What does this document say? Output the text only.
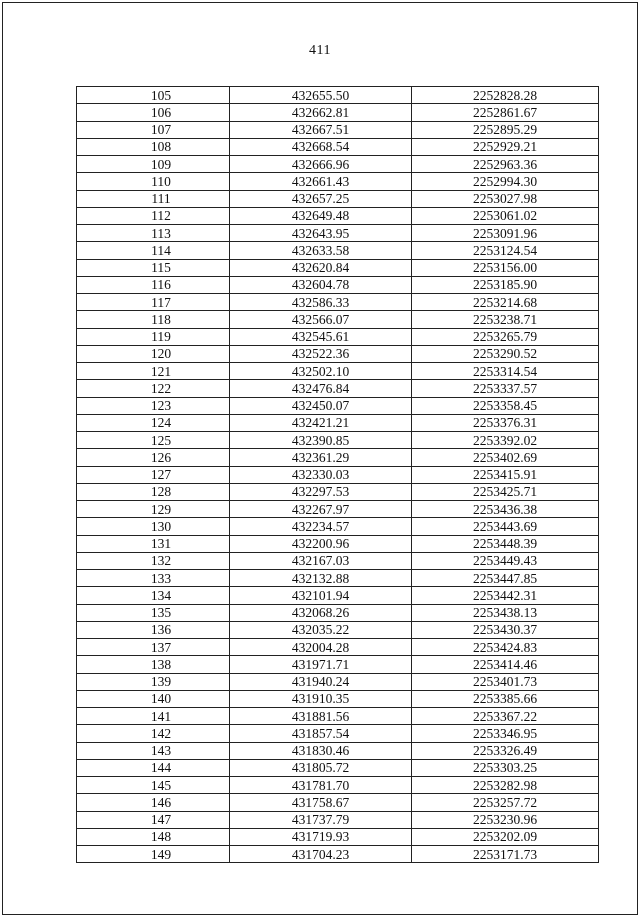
411
105	432655.50	2252828.28
106	432662.81	2252861.67
107	432667.51	2252895.29
108	432668.54	2252929.21
109	432666.96	2252963.36
110	432661.43	2252994.30
111	432657.25	2253027.98
112	432649.48	2253061.02
113	432643.95	2253091.96
114	432633.58	2253124.54
115	432620.84	2253156.00
116	432604.78	2253185.90
117	432586.33	2253214.68
118	432566.07	2253238.71
119	432545.61	2253265.79
120	432522.36	2253290.52
121	432502.10	2253314.54
122	432476.84	2253337.57
123	432450.07	2253358.45
124	432421.21	2253376.31
125	432390.85	2253392.02
126	432361.29	2253402.69
127	432330.03	2253415.91
128	432297.53	2253425.71
129	432267.97	2253436.38
130	432234.57	2253443.69
131	432200.96	2253448.39
132	432167.03	2253449.43
133	432132.88	2253447.85
134	432101.94	2253442.31
135	432068.26	2253438.13
136	432035.22	2253430.37
137	432004.28	2253424.83
138	431971.71	2253414.46
139	431940.24	2253401.73
140	431910.35	2253385.66
141	431881.56	2253367.22
142	431857.54	2253346.95
143	431830.46	2253326.49
144	431805.72	2253303.25
145	431781.70	2253282.98
146	431758.67	2253257.72
147	431737.79	2253230.96
148	431719.93	2253202.09
149	431704.23	2253171.73
